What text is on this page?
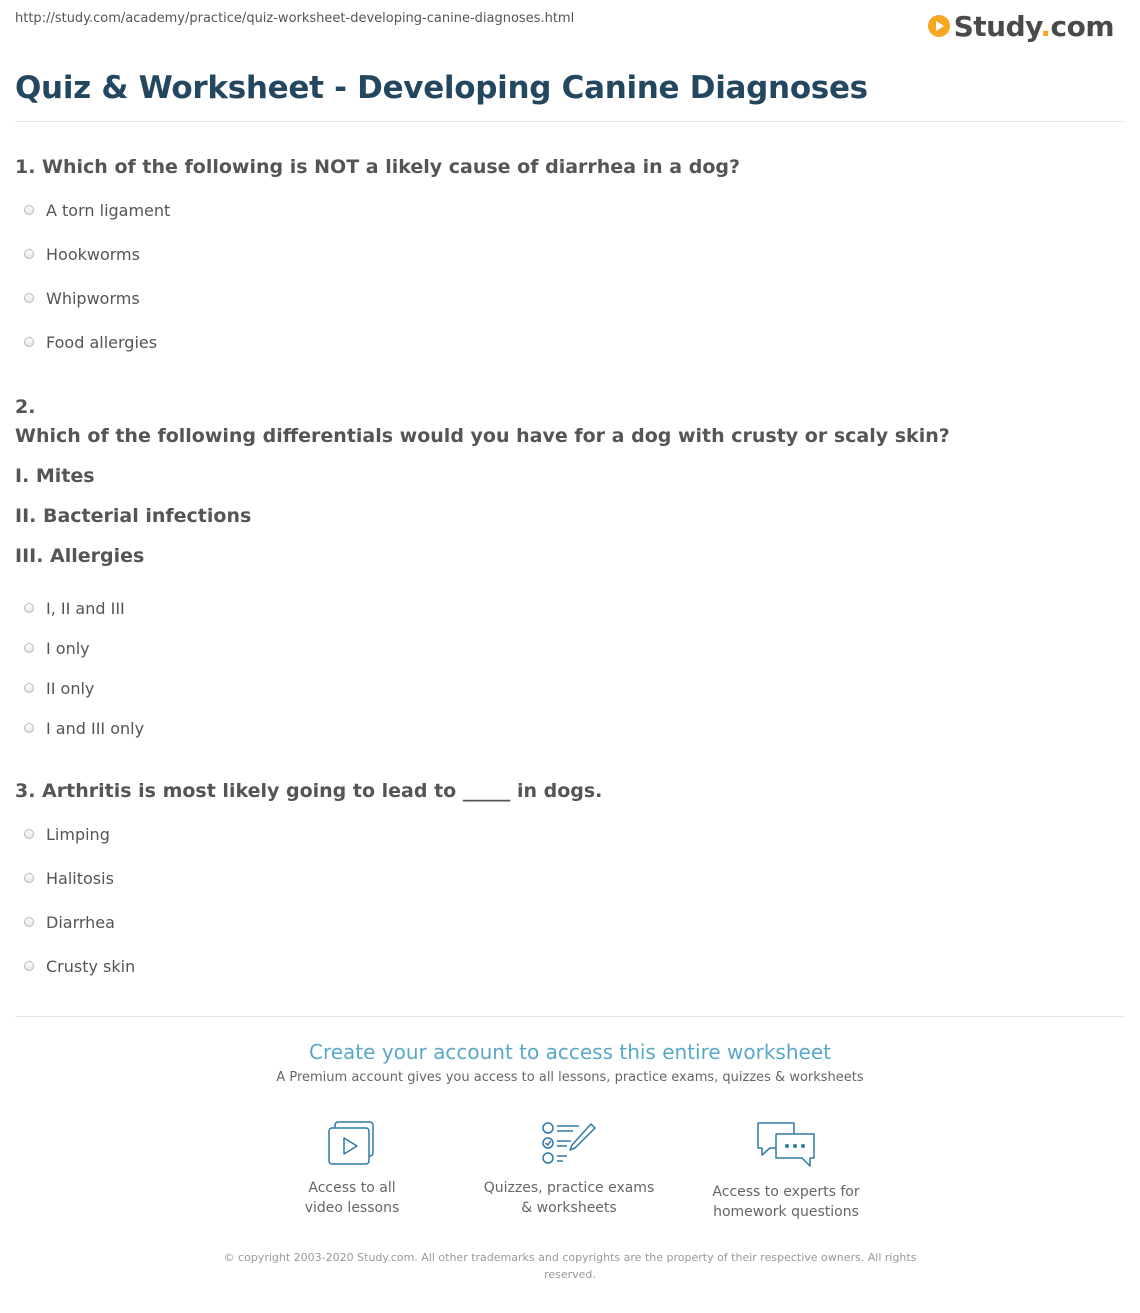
http://study.com/academy/practice/quiz-worksheet-developing-canine-diagnoses.html	Study.com
Quiz & Worksheet - Developing Canine Diagnoses

1. Which of the following is NOT a likely cause of diarrhea in a dog?

A torn ligament
Hookworms
Whipworms
Food allergies

2.

Which of the following differentials would you have for a dog with crusty or scaly skin?

I. Mites

II. Bacterial infections

III. Allergies

I, II and III
I only
II only
I and III only

3. Arthritis is most likely going to lead to _____ in dogs.

Limping
Halitosis
Diarrhea
Crusty skin
Create your account to access this entire worksheet
A Premium account gives you access to all lessons, practice exams, quizzes & worksheets
Access to all
video lessons
Quizzes, practice exams
& worksheets
Access to experts for
homework questions
© copyright 2003-2020 Study.com. All other trademarks and copyrights are the property of their respective owners. All rights
reserved.
